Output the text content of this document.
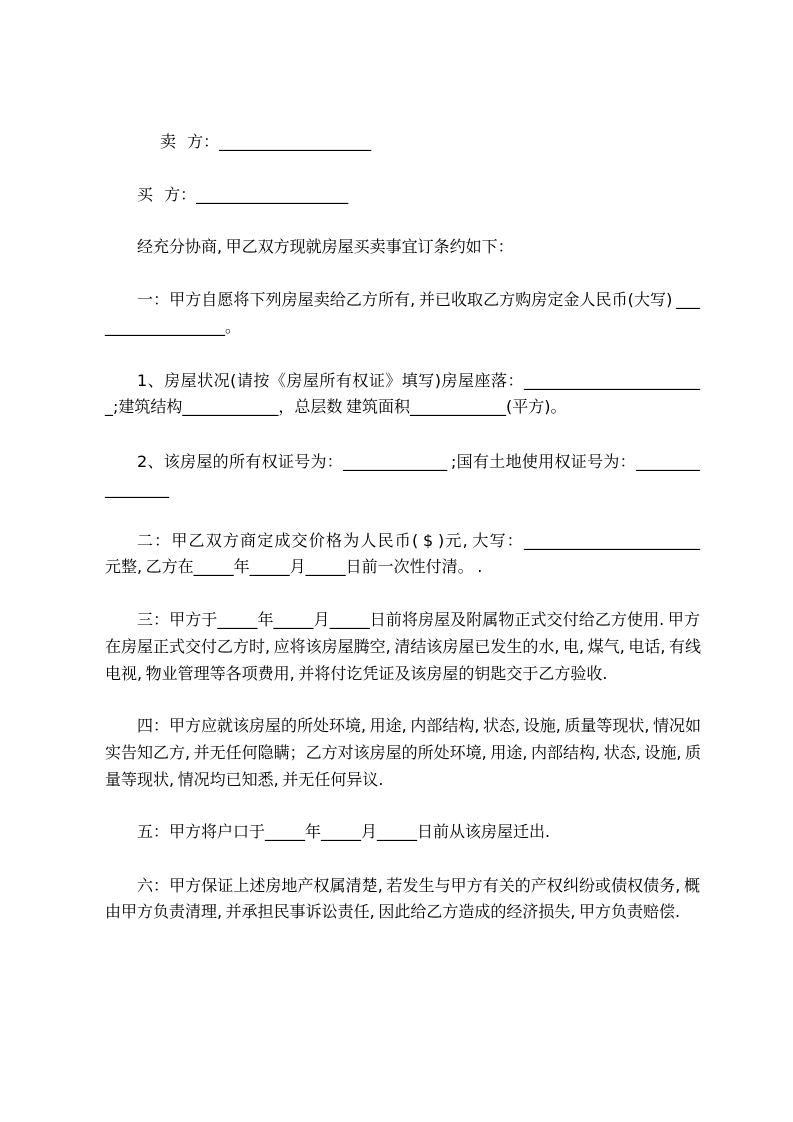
卖 方：___________________
买 方：___________________
经充分协商, 甲乙双方现就房屋买卖事宜订条约如下：
一：甲方自愿将下列房屋卖给乙方所有, 并已收取乙方购房定金人民币(大写) ___
_______________。
1、房屋状况(请按《房屋所有权证》填写)房屋座落：______________________
_;建筑结构____________，总层数 建筑面积____________(平方)。
2、该房屋的所有权证号为：_____________ ;国有土地使用权证号为：________
________
二：甲乙双方商定成交价格为人民币( $ )元, 大写：______________________
元整, 乙方在_____年_____月_____日前一次性付清。 .
三：甲方于_____年_____月_____日前将房屋及附属物正式交付给乙方使用. 甲方
在房屋正式交付乙方时, 应将该房屋腾空, 清结该房屋已发生的水, 电, 煤气, 电话, 有线
电视, 物业管理等各项费用, 并将付讫凭证及该房屋的钥匙交于乙方验收.
四：甲方应就该房屋的所处环境, 用途, 内部结构, 状态, 设施, 质量等现状, 情况如
实告知乙方, 并无任何隐瞒；乙方对该房屋的所处环境, 用途, 内部结构, 状态, 设施, 质
量等现状, 情况均已知悉, 并无任何异议.
五：甲方将户口于_____年_____月_____日前从该房屋迁出.
六：甲方保证上述房地产权属清楚, 若发生与甲方有关的产权纠纷或债权债务, 概
由甲方负责清理, 并承担民事诉讼责任, 因此给乙方造成的经济损失, 甲方负责赔偿.
